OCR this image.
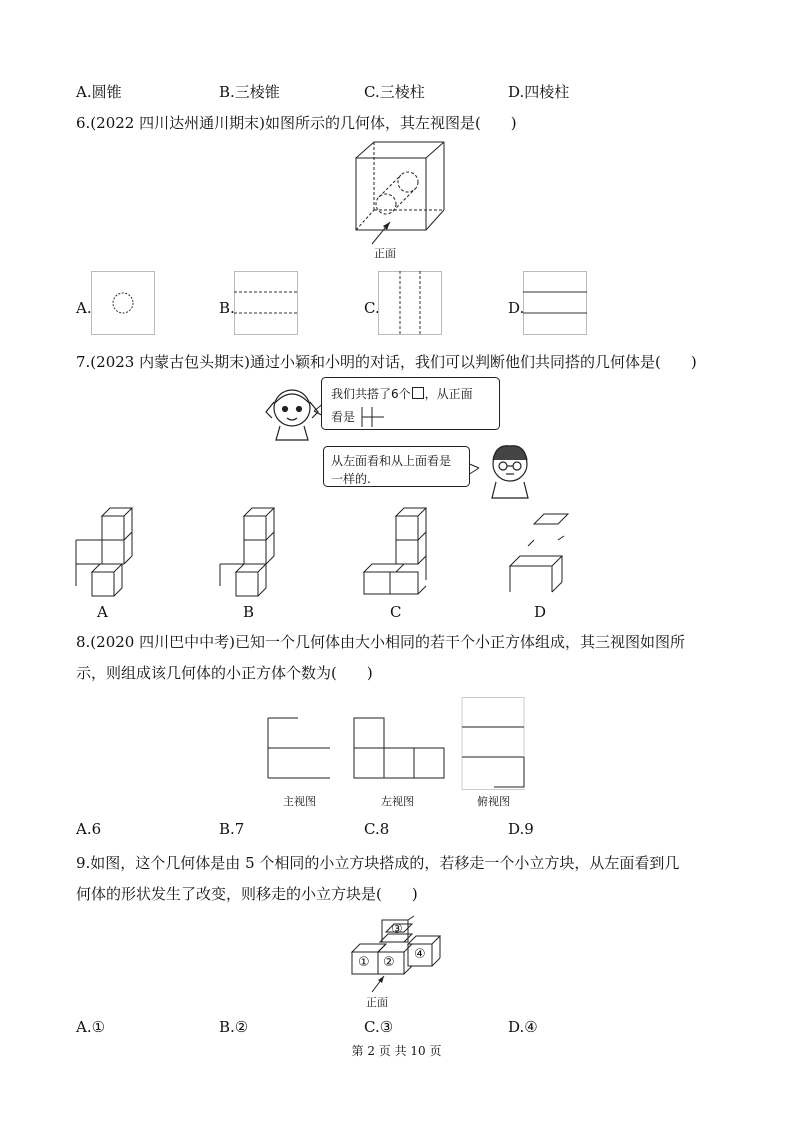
A.圆锥	B.三棱锥	C.三棱柱	D.四棱柱
6.(2022 四川达州通川期末)如图所示的几何体，其左视图是(　　)
正面
A.	B.	C.	D.
7.(2023 内蒙古包头期末)通过小颖和小明的对话，我们可以判断他们共同搭的几何体是(　　)
我们共搭了6个 ，从正面
看是
从左面看和从上面看是
一样的.
A	B	C	D
8.(2020 四川巴中中考)已知一个几何体由大小相同的若干个小正方体组成，其三视图如图所
示，则组成该几何体的小正方体个数为(　　)
主视图	左视图	俯视图
A.6	B.7	C.8	D.9
9.如图，这个几何体是由 5 个相同的小立方块搭成的，若移走一个小立方块，从左面看到几
何体的形状发生了改变，则移走的小立方块是(　　)
① ②
③
④
正面
A.①	B.②	C.③	D.④
第 2 页 共 10 页
